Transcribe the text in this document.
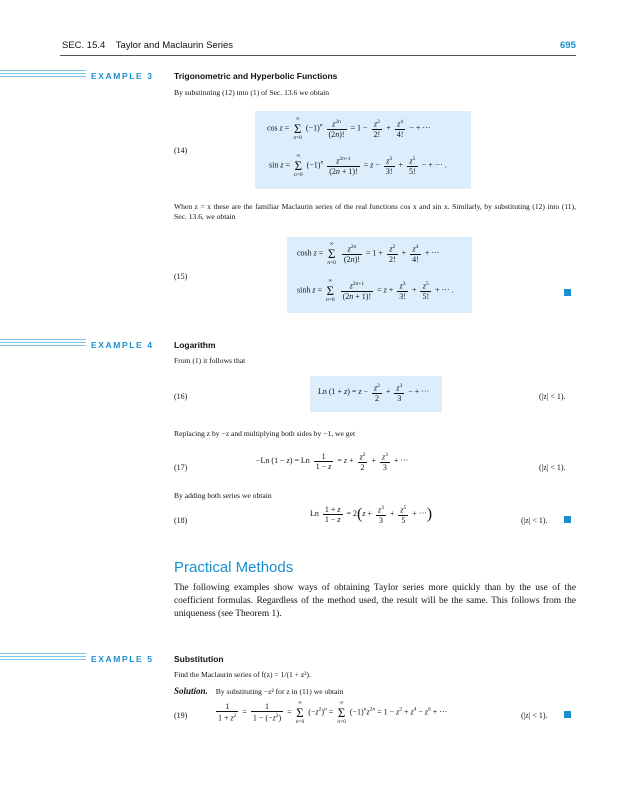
SEC. 15.4 Taylor and Maclaurin Series	695
EXAMPLE 3 Trigonometric and Hyperbolic Functions
By substituting (12) into (1) of Sec. 13.6 we obtain
(14)
cos z =
∞
Σ
n=0
$(-1)^n \frac{z^{2n}}{(2n)!} = 1 - \frac{z^2}{2!} + \frac{z^4}{4!}$ − + ···
sin z =
∞
Σ
n=0
$(-1)^n \frac{z^{2n+1}}{(2n + 1)!} = z - \frac{z^3}{3!} + \frac{z^5}{5!}$ − + ··· .
When z = x these are the familiar Maclaurin series of the real functions cos x and sin x. Similarly, by substituting (12) into (11), Sec. 13.6, we obtain
(15)
cosh z =
∞
Σ
n=0
$\frac{z^{2n}}{(2n)!} = 1 + \frac{z^2}{2!} + \frac{z^4}{4!}$ + ···
sinh z =
∞
Σ
n=0
$\frac{z^{2n+1}}{(2n + 1)!} = z + \frac{z^3}{3!} + \frac{z^5}{5!}$ + ··· .
EXAMPLE 4 Logarithm
From (1) it follows that
(16)
Ln $(1 + z) = z - \frac{z^2}{2} + \frac{z^3}{3}$ − + ···
(|z| < 1).
Replacing z by −z and multiplying both sides by −1, we get
(17)
−Ln (1 − z) = Ln $\frac{1}{1 - z} = z + \frac{z^2}{2} + \frac{z^3}{3}$ + ···
(|z| < 1).
By adding both series we obtain
(18)
Ln $\frac{1 + z}{1 - z} = 2(z + \frac{z^3}{3} + \frac{z^5}{5}$ + ···)	(|z| < 1).
Practical Methods
The following examples show ways of obtaining Taylor series more quickly than by the use of the coefficient formulas. Regardless of the method used, the result will be the same. This follows from the uniqueness (see Theorem 1).
EXAMPLE 5 Substitution
Find the Maclaurin series of f(z) = 1/(1 + z²).
Solution. By substituting −z² for z in (11) we obtain
(19)	$\frac{1}{1 + z^2} = \frac{1}{1 - (-z^2)}$ =
∞
Σ
n=0
$(-z^2)^n$ =
∞
Σ
n=0
$(-1)^nz^{2n} = 1 - z^2 + z^4 - z^6$ + ···	(|z| < 1).
